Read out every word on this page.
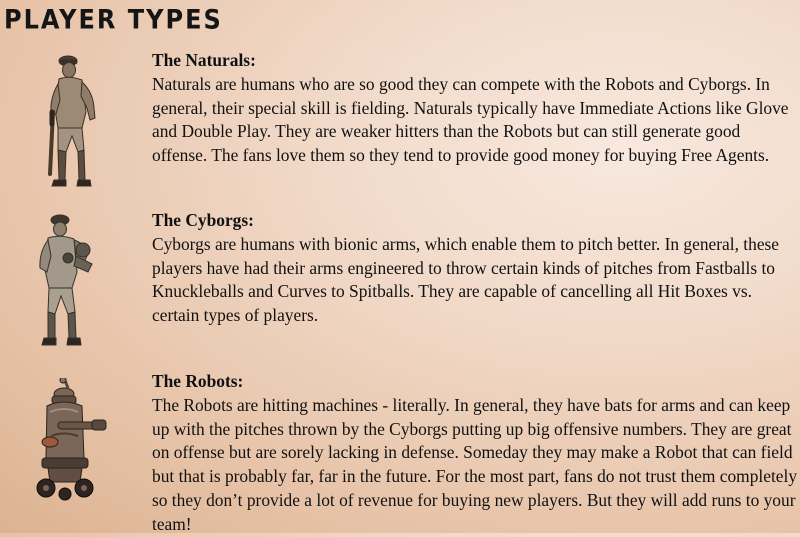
PLAYER TYPES
The Naturals:
Naturals are humans who are so good they can compete with the Robots and Cyborgs. In general, their special skill is fielding. Naturals typically have Immediate Actions like Glove and Double Play. They are weaker hitters than the Robots but can still generate good offense. The fans love them so they tend to provide good money for buying Free Agents.
The Cyborgs:
Cyborgs are humans with bionic arms, which enable them to pitch better. In general, these players have had their arms engineered to throw certain kinds of pitches from Fastballs to Knuckleballs and Curves to Spitballs. They are capable of cancelling all Hit Boxes vs. certain types of players.
The Robots:
The Robots are hitting machines - literally. In general, they have bats for arms and can keep up with the pitches thrown by the Cyborgs putting up big offensive numbers. They are great on offense but are sorely lacking in defense. Someday they may make a Robot that can field but that is probably far, far in the future. For the most part, fans do not trust them completely so they don’t provide a lot of revenue for buying new players. But they will add runs to your team!
